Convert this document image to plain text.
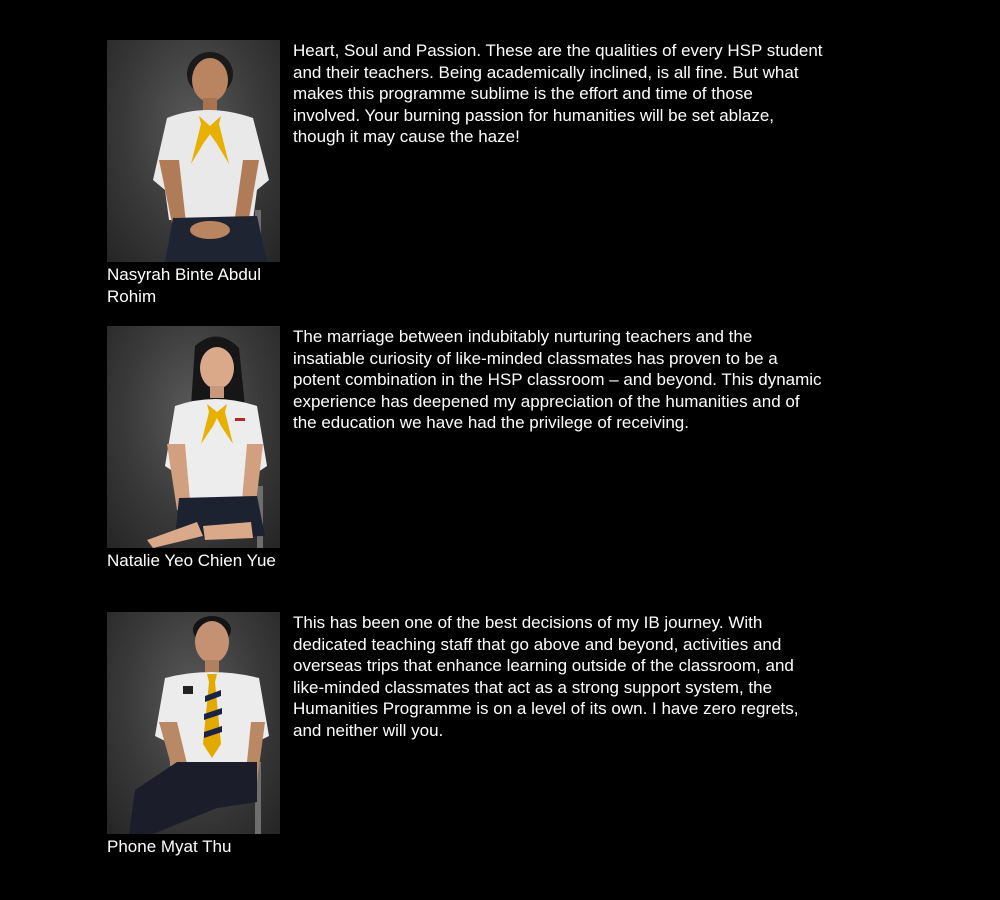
Nasyrah Binte Abdul Rohim

Heart, Soul and Passion. These are the qualities of every HSP student and their teachers. Being academically inclined, is all fine. But what makes this programme sublime is the effort and time of those involved. Your burning passion for humanities will be set ablaze, though it may cause the haze!

Natalie Yeo Chien Yue

The marriage between indubitably nurturing teachers and the insatiable curiosity of like-minded classmates has proven to be a potent combination in the HSP classroom – and beyond. This dynamic experience has deepened my appreciation of the humanities and of the education we have had the privilege of receiving.

Phone Myat Thu

This has been one of the best decisions of my IB journey. With dedicated teaching staff that go above and beyond, activities and overseas trips that enhance learning outside of the classroom, and like-minded classmates that act as a strong support system, the Humanities Programme is on a level of its own. I have zero regrets, and neither will you.
